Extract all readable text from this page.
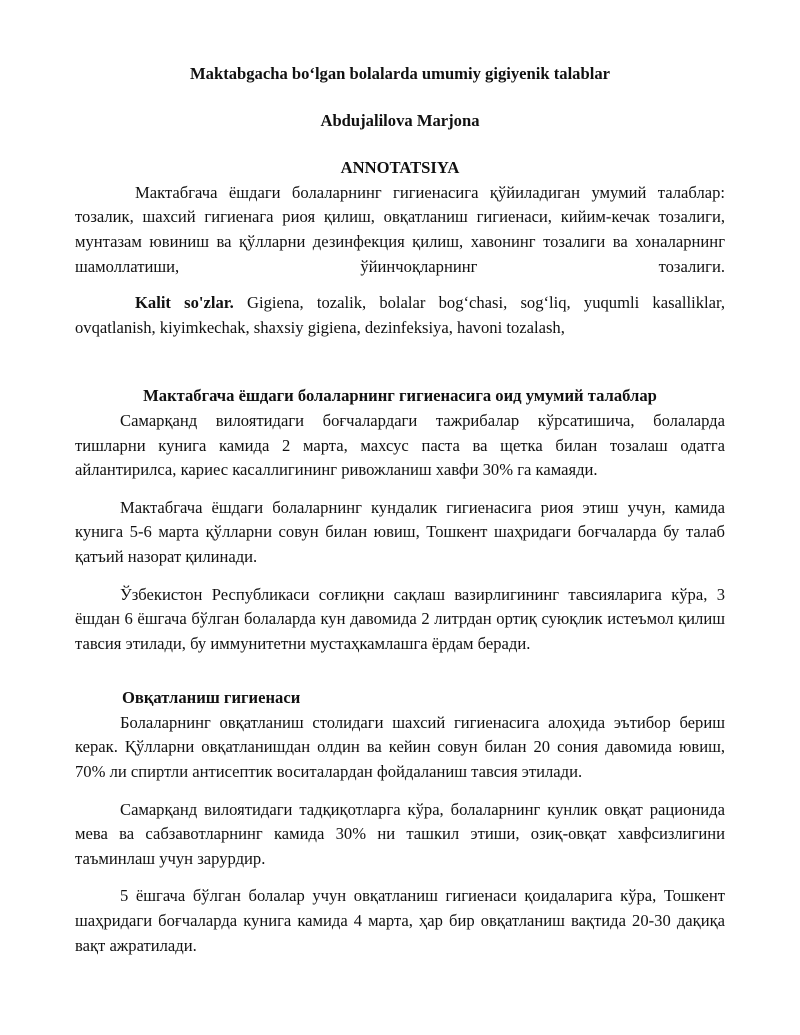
Maktabgacha boʻlgan bolalarda umumiy gigiyenik talablar
Abdujalilova Marjona
ANNOTATSIYA

Мактабгача ёшдаги болаларнинг гигиенасига қўйиладиган умумий талаблар: тозалик, шахсий гигиенага риоя қилиш, овқатланиш гигиенаси, кийим-кечак тозалиги, мунтазам ювиниш ва қўлларни дезинфекция қилиш, хавонинг тозалиги ва хоналарнинг шамоллатиши, ўйинчоқларнинг тозалиги.

Kalit so'zlar. Gigiena, tozalik, bolalar bogʻchasi, sogʻliq, yuqumli kasalliklar, ovqatlanish, kiyimkechak, shaxsiy gigiena, dezinfeksiya, havoni tozalash,

Мактабгача ёшдаги болаларнинг гигиенасига оид умумий талаблар

Самарқанд вилоятидаги боғчалардаги тажрибалар кўрсатишича, болаларда тишларни кунига камида 2 марта, махсус паста ва щетка билан тозалаш одатга айлантирилса, кариес касаллигининг ривожланиш хавфи 30% га камаяди.

Мактабгача ёшдаги болаларнинг кундалик гигиенасига риоя этиш учун, камида кунига 5-6 марта қўлларни совун билан ювиш, Тошкент шаҳридаги боғчаларда бу талаб қатъий назорат қилинади.

Ўзбекистон Республикаси соғлиқни сақлаш вазирлигининг тавсияларига кўра, 3 ёшдан 6 ёшгача бўлган болаларда кун давомида 2 литрдан ортиқ суюқлик истеъмол қилиш тавсия этилади, бу иммунитетни мустаҳкамлашга ёрдам беради.

Овқатланиш гигиенаси

Болаларнинг овқатланиш столидаги шахсий гигиенасига алоҳида эътибор бериш керак. Қўлларни овқатланишдан олдин ва кейин совун билан 20 сония давомида ювиш, 70% ли спиртли антисептик воситалардан фойдаланиш тавсия этилади.

Самарқанд вилоятидаги тадқиқотларга кўра, болаларнинг кунлик овқат рационида мева ва сабзавотларнинг камида 30% ни ташкил этиши, озиқ-овқат хавфсизлигини таъминлаш учун зарурдир.

5 ёшгача бўлган болалар учун овқатланиш гигиенаси қоидаларига кўра, Тошкент шаҳридаги боғчаларда кунига камида 4 марта, ҳар бир овқатланиш вақтида 20-30 дақиқа вақт ажратилади.
